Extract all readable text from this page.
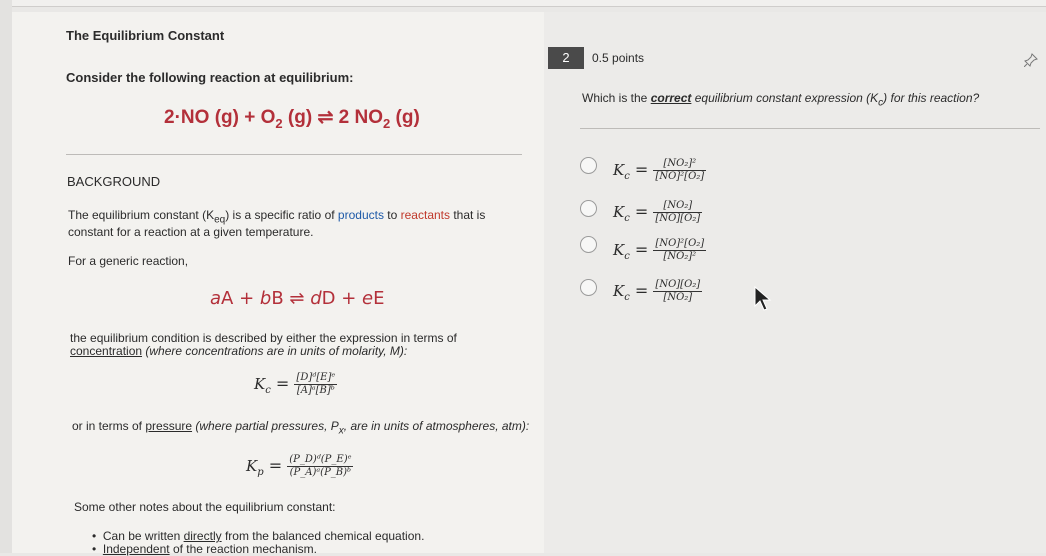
The Equilibrium Constant
Consider the following reaction at equilibrium:
2·NO $(g) + O_2$ (g) ⇌ 2 $NO_2$ (g)
BACKGROUND
The equilibrium constant $(K_{eq})$ is a specific ratio of products to reactants that is
constant for a reaction at a given temperature.
For a generic reaction,
aA + bB ⇌ dD + eE
the equilibrium condition is described by either the expression in terms of
concentration (where concentrations are in units of molarity, M):
$K_c = \frac{\text{[D]ᵈ[E]ᵉ}}{\text{[A]ᵃ[B]ᵇ}}$
or in terms of pressure (where partial pressures, $P_x$, are in units of atmospheres, atm):
$K_p = \frac{\text{(P\_D)ᵈ(P\_E)ᵉ}}{\text{(P\_A)ᵃ(P\_B)ᵇ}}$
Some other notes about the equilibrium constant:
•  Can be written directly from the balanced chemical equation.
•  Independent of the reaction mechanism.
2	0.5 points
Which is the correct equilibrium constant expression $(K_c)$ for this reaction?
$K_c = \frac{\text{[NO₂]²}}{\text{[NO]²[O₂]}}$
$K_c = \frac{\text{[NO₂]}}{\text{[NO][O₂]}}$
$K_c = \frac{\text{[NO]²[O₂]}}{\text{[NO₂]²}}$
$K_c = \frac{\text{[NO][O₂]}}{\text{[NO₂]}}$
